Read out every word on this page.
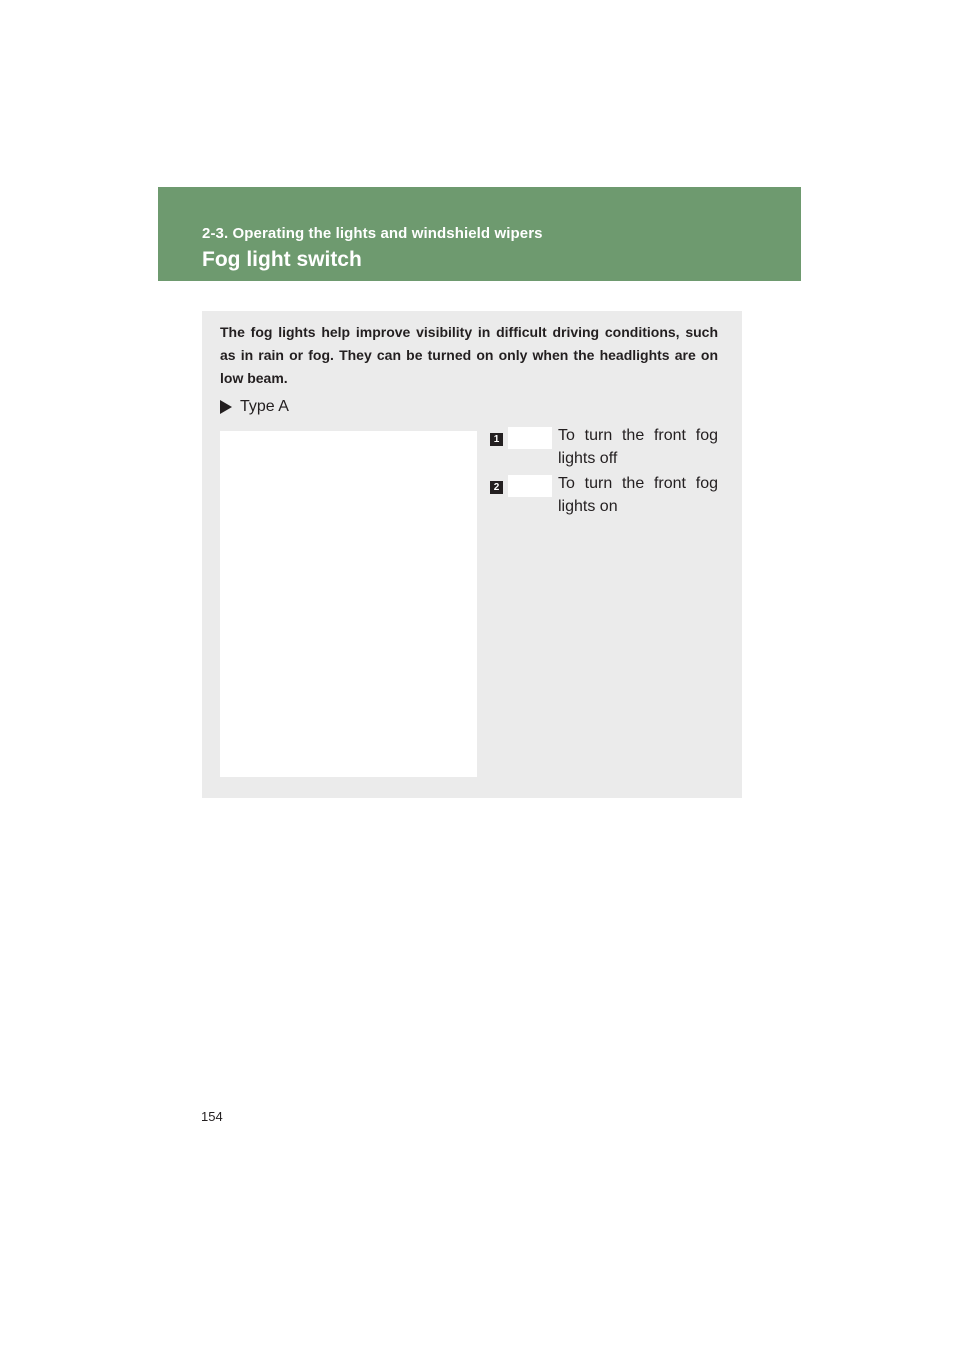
2-3. Operating the lights and windshield wipers
Fog light switch
The fog lights help improve visibility in difficult driving conditions, such as in rain or fog. They can be turned on only when the headlights are on low beam.
Type A
1	To turn the front fog lights off
2	To turn the front fog lights on
154
